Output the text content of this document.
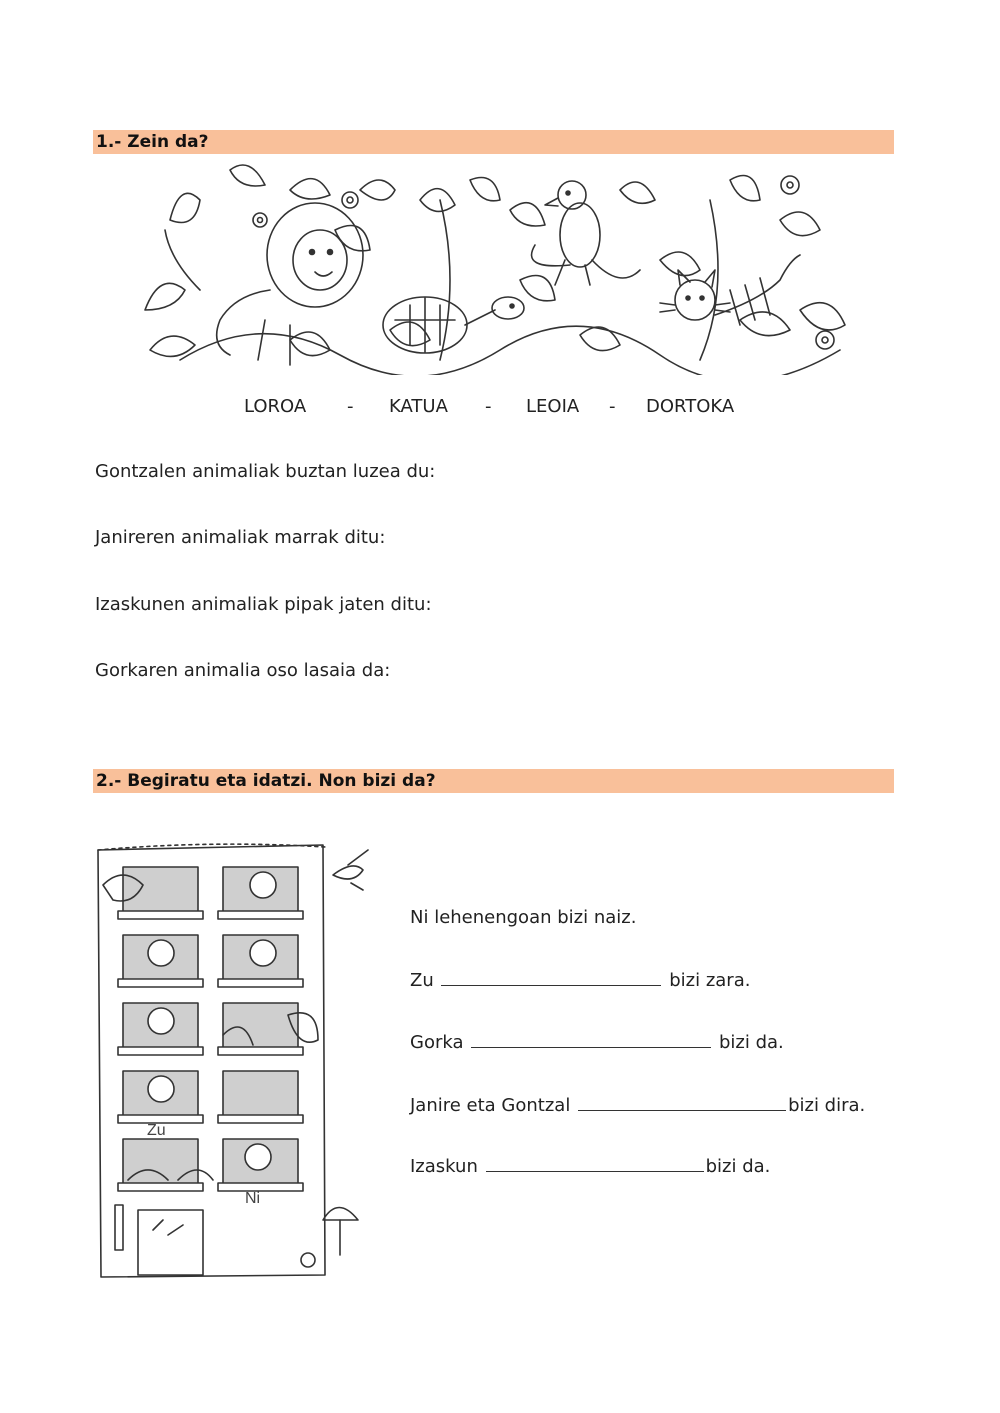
1.- Zein da?
LOROA - KATUA - LEOIA - DORTOKA
Gontzalen animaliak buztan luzea du:
Janireren animaliak marrak ditu:
Izaskunen animaliak pipak jaten ditu:
Gorkaren animalia oso lasaia da:
2.- Begiratu eta idatzi. Non bizi da?
Zu
Ni
Ni lehenengoan bizi naiz.
Zu	bizi zara.
Gorka	bizi da.
Janire eta Gontzal	bizi dira.
Izaskun	bizi da.
